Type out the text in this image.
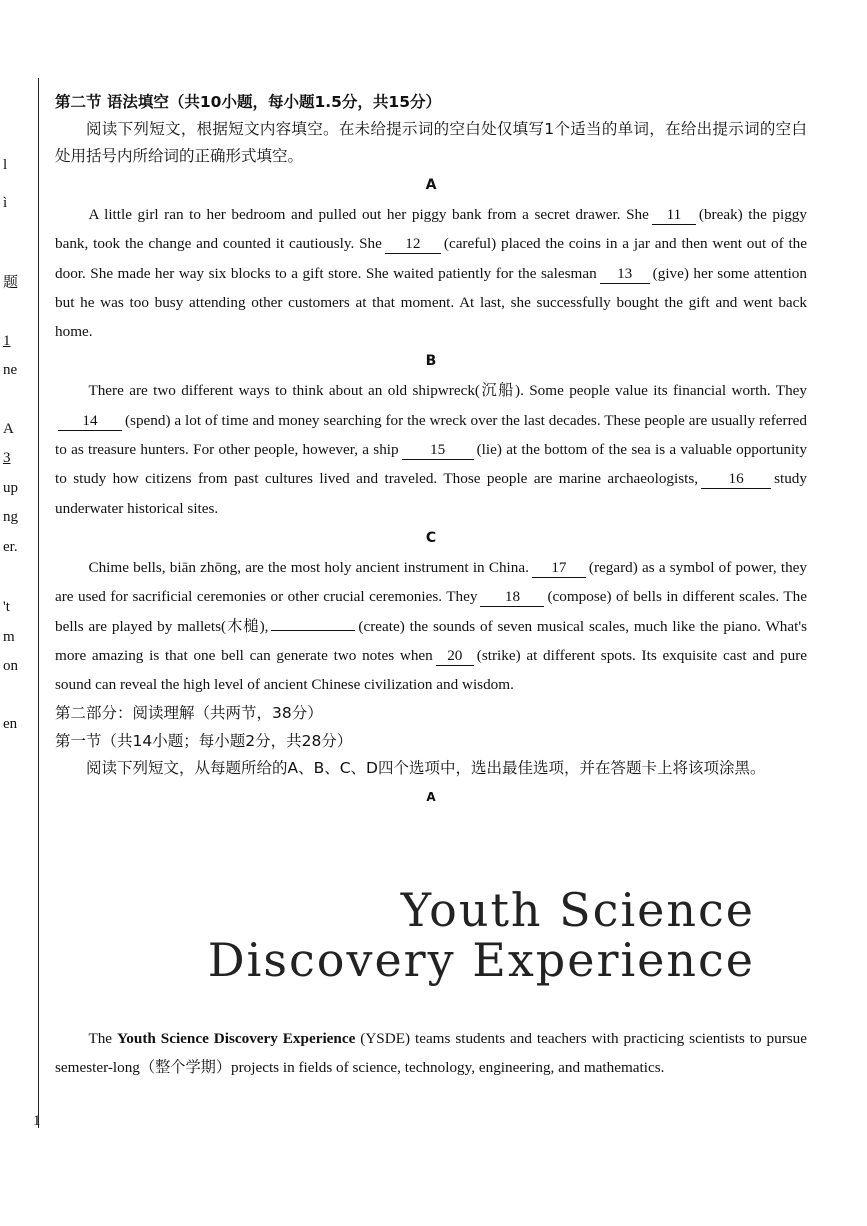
l
ì
题
1
ne
A
3
up
ng
er.
't
m
on
en

第二节 语法填空（共10小题，每小题1.5分，共15分）

阅读下列短文，根据短文内容填空。在未给提示词的空白处仅填写1个适当的单词，在给出提示词的空白处用括号内所给词的正确形式填空。

A

A little girl ran to her bedroom and pulled out her piggy bank from a secret drawer. She 11 (break) the piggy bank, took the change and counted it cautiously. She 12 (careful) placed the coins in a jar and then went out of the door. She made her way six blocks to a gift store. She waited patiently for the salesman 13 (give) her some attention but he was too busy attending other customers at that moment. At last, she successfully bought the gift and went back home.

B

There are two different ways to think about an old shipwreck(沉船). Some people value its financial worth. They14 (spend) a lot of time and money searching for the wreck over the last decades. These people are usually referred to as treasure hunters. For other people, however, a ship 15 (lie) at the bottom of the sea is a valuable opportunity to study how citizens from past cultures lived and traveled. Those people are marine archaeologists, 16 study underwater historical sites.

C

Chime bells, biān zhōng, are the most holy ancient instrument in China. 17 (regard) as a symbol of power, they are used for sacrificial ceremonies or other crucial ceremonies. They 18 (compose) of bells in different scales. The bells are played by mallets(木槌),	(create) the sounds of seven musical scales, much like the piano. What's more amazing is that one bell can generate two notes when 20 (strike) at different spots. Its exquisite cast and pure sound can reveal the high level of ancient Chinese civilization and wisdom.

第二部分：阅读理解（共两节，38分）

第一节（共14小题；每小题2分，共28分）

阅读下列短文，从每题所给的A、B、C、D四个选项中，选出最佳选项，并在答题卡上将该项涂黑。

A

Youth Science
Discovery Experience

The Youth Science Discovery Experience (YSDE) teams students and teachers with practicing scientists to pursue semester-long（整个学期）projects in fields of science, technology, engineering, and mathematics.

1
